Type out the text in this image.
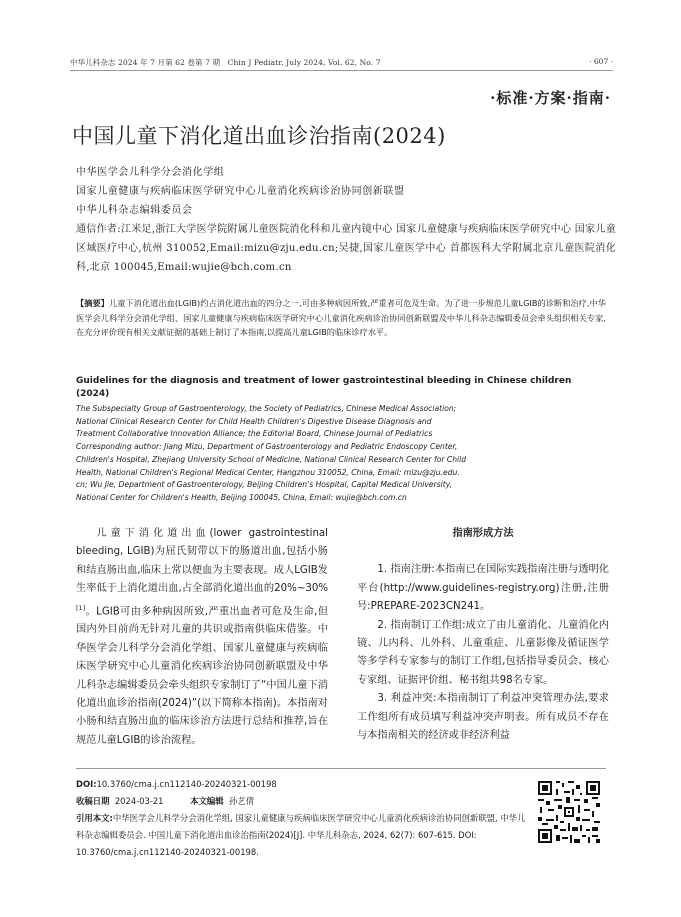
中华儿科杂志 2024 年 7 月第 62 卷第 7 期　Chin J Pediatr, July 2024, Vol. 62, No. 7	· 607 ·
·标准·方案·指南·
中国儿童下消化道出血诊治指南(2024)
中华医学会儿科学分会消化学组
国家儿童健康与疾病临床医学研究中心儿童消化疾病诊治协同创新联盟
中华儿科杂志编辑委员会
通信作者:江米足,浙江大学医学院附属儿童医院消化科和儿童内镜中心 国家儿童健康与疾病临床医学研究中心 国家儿童区域医疗中心,杭州 310052,Email:mizu@zju.edu.cn;吴捷,国家儿童医学中心 首都医科大学附属北京儿童医院消化科,北京 100045,Email:wujie@bch.com.cn
【摘要】儿童下消化道出血(LGIB)约占消化道出血的四分之一,可由多种病因所致,严重者可危及生命。为了进一步规范儿童LGIB的诊断和治疗,中华医学会儿科学分会消化学组、国家儿童健康与疾病临床医学研究中心儿童消化疾病诊治协同创新联盟及中华儿科杂志编辑委员会牵头组织相关专家,在充分评价现有相关文献证据的基础上制订了本指南,以提高儿童LGIB的临床诊疗水平。
Guidelines for the diagnosis and treatment of lower gastrointestinal bleeding in Chinese children (2024)
The Subspecialty Group of Gastroenterology, the Society of Pediatrics, Chinese Medical Association;
National Clinical Research Center for Child Health Children's Digestive Disease Diagnosis and
Treatment Collaborative Innovation Alliance; the Editorial Board, Chinese Journal of Pediatrics
Corresponding author: Jiang Mizu, Department of Gastroenterology and Pediatric Endoscopy Center,
Children's Hospital, Zhejiang University School of Medicine, National Clinical Research Center for Child
Health, National Children's Regional Medical Center, Hangzhou 310052, China, Email: mizu@zju.edu.
cn; Wu Jie, Department of Gastroenterology, Beijing Children's Hospital, Capital Medical University,
National Center for Children's Health, Beijing 100045, China, Email: wujie@bch.com.cn

儿童下消化道出血(lower gastrointestinal bleeding, LGIB)为屈氏韧带以下的肠道出血,包括小肠和结直肠出血,临床上常以便血为主要表现。成人LGIB发生率低于上消化道出血,占全部消化道出血的20%~30%[1]。LGIB可由多种病因所致,严重出血者可危及生命,但国内外目前尚无针对儿童的共识或指南供临床借鉴。中华医学会儿科学分会消化学组、国家儿童健康与疾病临床医学研究中心儿童消化疾病诊治协同创新联盟及中华儿科杂志编辑委员会牵头组织专家制订了“中国儿童下消化道出血诊治指南(2024)”(以下简称本指南)。本指南对小肠和结直肠出血的临床诊治方法进行总结和推荐,旨在规范儿童LGIB的诊治流程。

指南形成方法

1. 指南注册:本指南已在国际实践指南注册与透明化平台(http://www.guidelines-registry.org)注册,注册号:PREPARE-2023CN241。

2. 指南制订工作组:成立了由儿童消化、儿童消化内镜、儿内科、儿外科、儿童重症、儿童影像及循证医学等多学科专家参与的制订工作组,包括指导委员会、核心专家组、证据评价组、秘书组共98名专家。

3. 利益冲突:本指南制订了利益冲突管理办法,要求工作组所有成员填写利益冲突声明表。所有成员不存在与本指南相关的经济或非经济利益

DOI:10.3760/cma.j.cn112140-20240321-00198
收稿日期 2024-03-21	本文编辑 孙艺倩
引用本文:中华医学会儿科学分会消化学组, 国家儿童健康与疾病临床医学研究中心儿童消化疾病诊治协同创新联盟, 中华儿科杂志编辑委员会. 中国儿童下消化道出血诊治指南(2024)[J]. 中华儿科杂志, 2024, 62(7): 607-615. DOI: 10.3760/cma.j.cn112140-20240321-00198.
